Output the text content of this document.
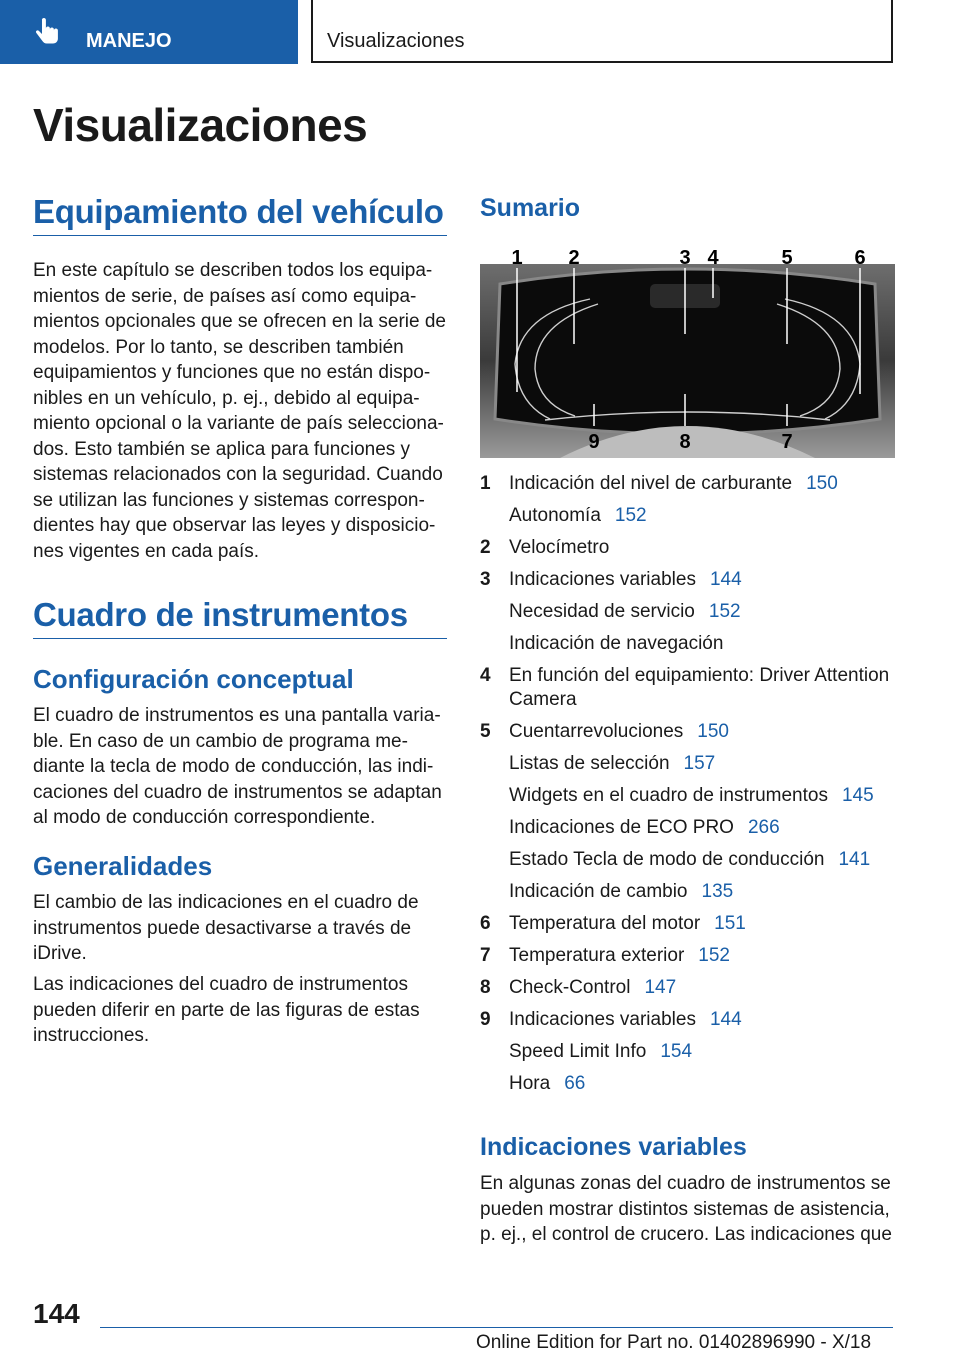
MANEJO	Visualizaciones
Visualizaciones
Equipamiento del vehículo
En este capítulo se describen todos los equipa-
mientos de serie, de países así como equipa-
mientos opcionales que se ofrecen en la serie de
modelos. Por lo tanto, se describen también
equipamientos y funciones que no están dispo-
nibles en un vehículo, p. ej., debido al equipa-
miento opcional o la variante de país selecciona-
dos. Esto también se aplica para funciones y
sistemas relacionados con la seguridad. Cuando
se utilizan las funciones y sistemas correspon-
dientes hay que observar las leyes y disposicio-
nes vigentes en cada país.
Cuadro de instrumentos
Configuración conceptual
El cuadro de instrumentos es una pantalla varia-
ble. En caso de un cambio de programa me-
diante la tecla de modo de conducción, las indi-
caciones del cuadro de instrumentos se adaptan
al modo de conducción correspondiente.
Generalidades
El cambio de las indicaciones en el cuadro de
instrumentos puede desactivarse a través de
iDrive.
Las indicaciones del cuadro de instrumentos
pueden diferir en parte de las figuras de estas
instrucciones.
Sumario
1 2	3 4	5	6
9	8	7
1 Indicación del nivel de carburante 150
Autonomía 152
2 Velocímetro
3 Indicaciones variables 144
Necesidad de servicio 152
Indicación de navegación
4 En función del equipamiento: Driver Attention Camera
5 Cuentarrevoluciones 150
Listas de selección 157
Widgets en el cuadro de instrumentos 145
Indicaciones de ECO PRO 266
Estado Tecla de modo de conducción 141
Indicación de cambio 135
6 Temperatura del motor 151
7 Temperatura exterior 152
8 Check-Control 147
9 Indicaciones variables 144
Speed Limit Info 154
Hora 66
Indicaciones variables
En algunas zonas del cuadro de instrumentos se
pueden mostrar distintos sistemas de asistencia,
p. ej., el control de crucero. Las indicaciones que
144
Online Edition for Part no. 01402896990 - X/18
